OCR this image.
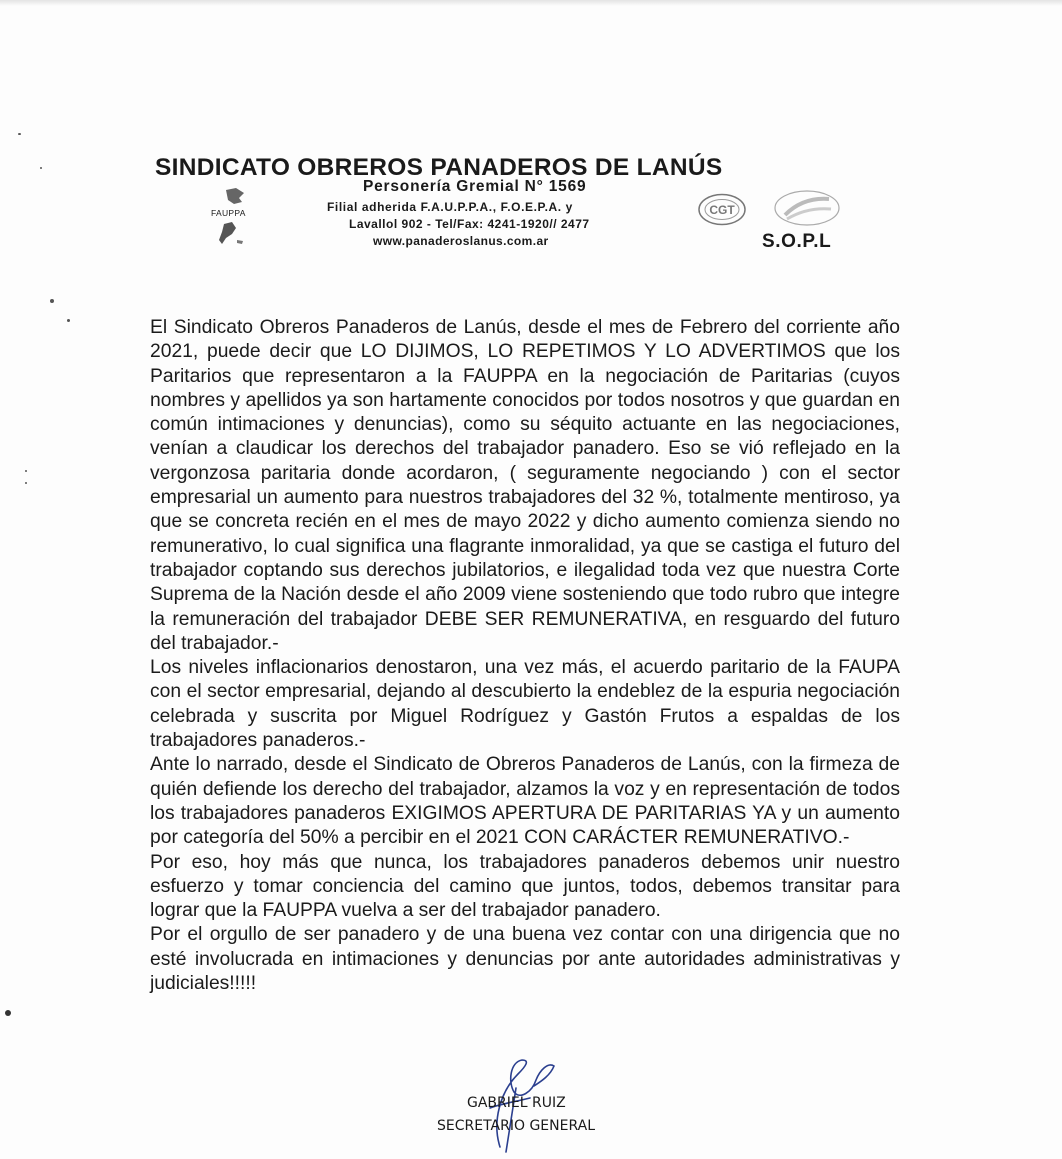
FAUPPA
SINDICATO OBREROS PANADEROS DE LANÚS
Personería Gremial N° 1569
Filial adherida F.A.U.P.P.A., F.O.E.P.A. y
Lavallol 902 - Tel/Fax: 4241-1920// 2477
www.panaderoslanus.com.ar
CGT
S.O.P.L

El Sindicato Obreros Panaderos de Lanús, desde el mes de Febrero del corriente año 2021, puede decir que LO DIJIMOS, LO REPETIMOS Y LO ADVERTIMOS que los Paritarios que representaron a la FAUPPA en la negociación de Paritarias (cuyos nombres y apellidos ya son hartamente conocidos por todos nosotros y que guardan en común intimaciones y denuncias), como su séquito actuante en las negociaciones, venían a claudicar los derechos del trabajador panadero. Eso se vió reflejado en la vergonzosa paritaria donde acordaron, ( seguramente negociando ) con el sector empresarial un aumento para nuestros trabajadores del 32 %, totalmente mentiroso, ya que se concreta recién en el mes de mayo 2022 y dicho aumento comienza siendo no remunerativo, lo cual significa una flagrante inmoralidad, ya que se castiga el futuro del trabajador coptando sus derechos jubilatorios, e ilegalidad toda vez que nuestra Corte Suprema de la Nación desde el año 2009 viene sosteniendo que todo rubro que integre la remuneración del trabajador DEBE SER REMUNERATIVA, en resguardo del futuro del trabajador.-

Los niveles inflacionarios denostaron, una vez más, el acuerdo paritario de la FAUPA con el sector empresarial, dejando al descubierto la endeblez de la espuria negociación celebrada y suscrita por Miguel Rodríguez y Gastón Frutos a espaldas de los trabajadores panaderos.-

Ante lo narrado, desde el Sindicato de Obreros Panaderos de Lanús, con la firmeza de quién defiende los derecho del trabajador, alzamos la voz y en representación de todos los trabajadores panaderos EXIGIMOS APERTURA DE PARITARIAS YA y un aumento por categoría del 50% a percibir en el 2021 CON CARÁCTER REMUNERATIVO.-

Por eso, hoy más que nunca, los trabajadores panaderos debemos unir nuestro esfuerzo y tomar conciencia del camino que juntos, todos, debemos transitar para lograr que la FAUPPA vuelva a ser del trabajador panadero.

Por el orgullo de ser panadero y de una buena vez contar con una dirigencia que no esté involucrada en intimaciones y denuncias por ante autoridades administrativas y judiciales!!!!!

GABRIEL RUIZ
SECRETARIO GENERAL
